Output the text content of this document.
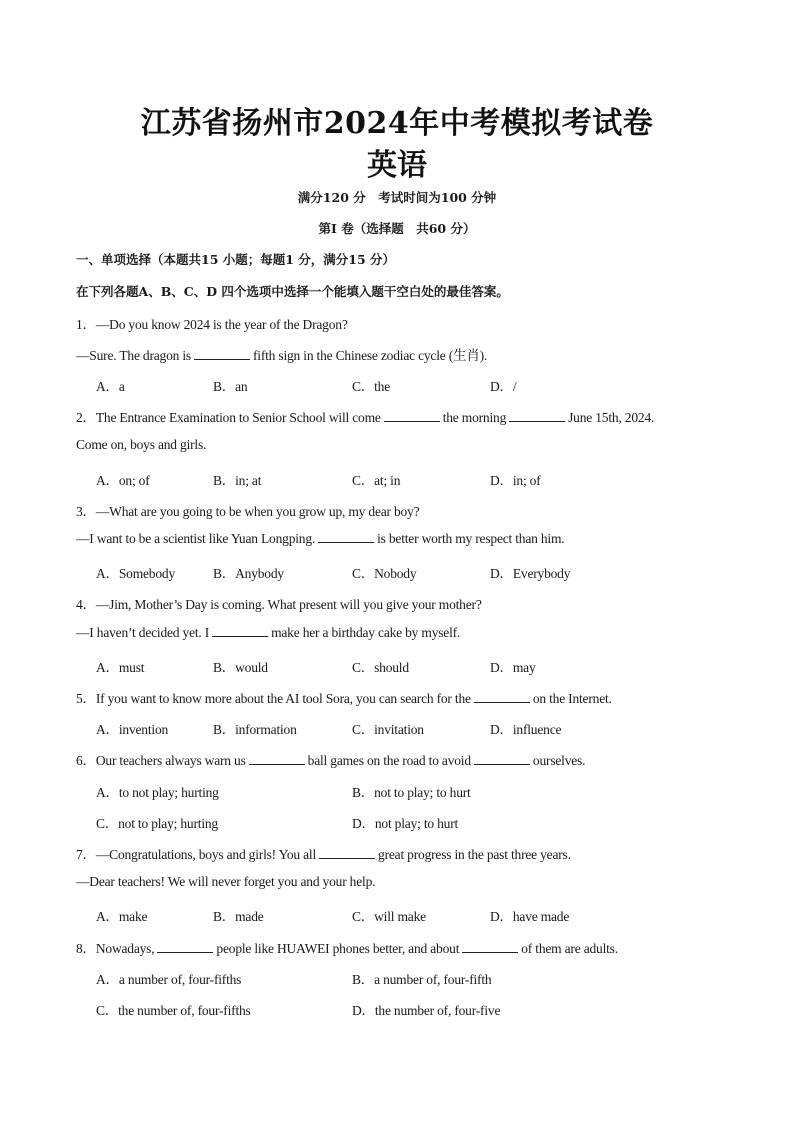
江苏省扬州市2024年中考模拟考试卷
英语
满分120 分　考试时间为100 分钟
第I 卷（选择题　共60 分）
一、单项选择（本题共15 小题；每题1 分，满分15 分）
在下列各题A、B、C、D 四个选项中选择一个能填入题干空白处的最佳答案。
1．—Do you know 2024 is the year of the Dragon?
—Sure. The dragon is	fifth sign in the Chinese zodiac cycle (生肖).
A．a	B．an	C．the	D．/
2．The Entrance Examination to Senior School will come	the morning	June 15th, 2024.
Come on, boys and girls.
A．on; of	B．in; at	C．at; in	D．in; of
3．—What are you going to be when you grow up, my dear boy?
—I want to be a scientist like Yuan Longping.	is better worth my respect than him.
A．Somebody	B．Anybody	C．Nobody	D．Everybody
4．—Jim, Mother’s Day is coming. What present will you give your mother?
—I haven’t decided yet. I	make her a birthday cake by myself.
A．must	B．would	C．should	D．may
5．If you want to know more about the AI tool Sora, you can search for the	on the Internet.
A．invention	B．information	C．invitation	D．influence
6．Our teachers always warn us	ball games on the road to avoid	ourselves.
A．to not play; hurting	B．not to play; to hurt
C．not to play; hurting	D．not play; to hurt
7．—Congratulations, boys and girls! You all	great progress in the past three years.
—Dear teachers! We will never forget you and your help.
A．make	B．made	C．will make	D．have made
8．Nowadays,	people like HUAWEI phones better, and about	of them are adults.
A．a number of, four-fifths	B．a number of, four-fifth
C．the number of, four-fifths	D．the number of, four-five
